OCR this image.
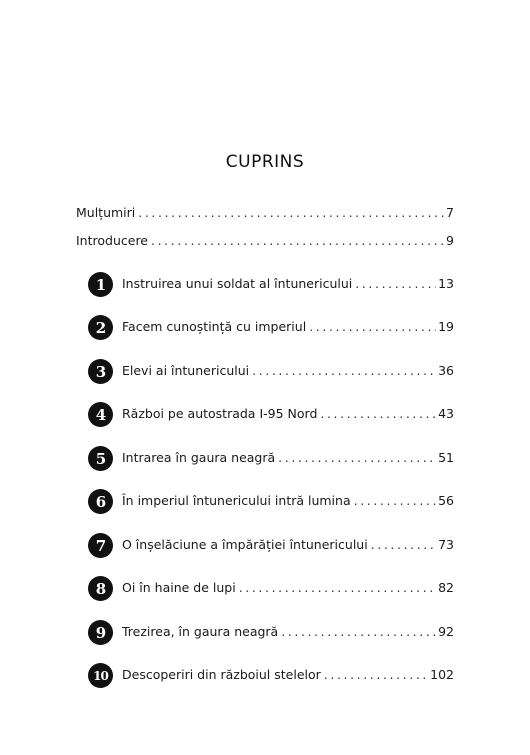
CUPRINS
Mulțumiri .....	7
Introducere .....	9
1	Instruirea unui soldat al întunericului .....	13
2	Facem cunoștință cu imperiul .....	19
3	Elevi ai întunericului .....	36
4	Război pe autostrada I-95 Nord .....	43
5	Intrarea în gaura neagră .....	51
6	În imperiul întunericului intră lumina .....	56
7	O înșelăciune a împărăției întunericului .....	73
8	Oi în haine de lupi .....	82
9	Trezirea, în gaura neagră .....	92
10	Descoperiri din războiul stelelor .....	102
